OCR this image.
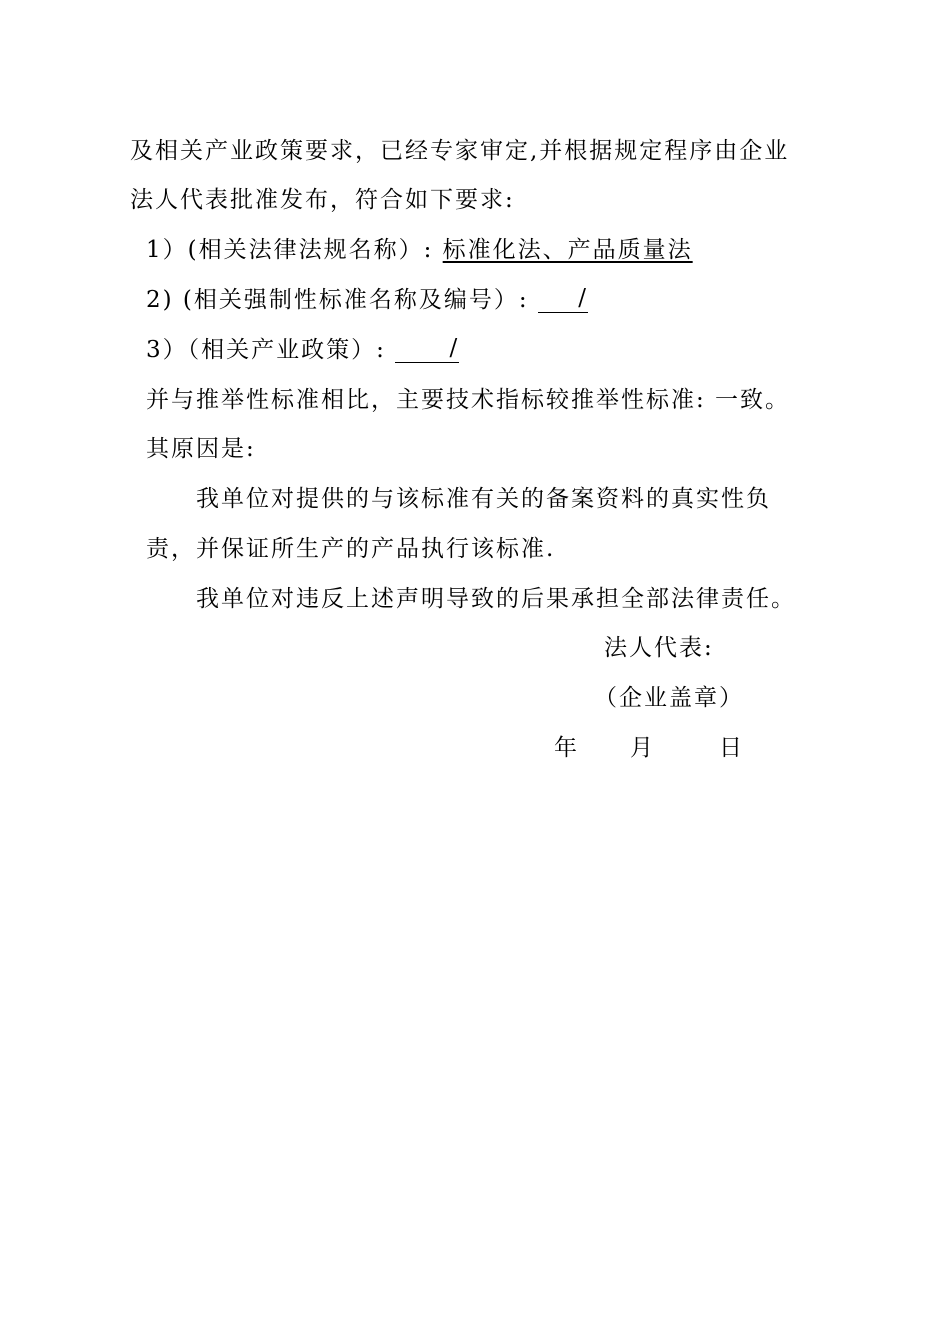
及相关产业政策要求，已经专家审定,并根据规定程序由企业
法人代表批准发布，符合如下要求:
1）(相关法律法规名称）: 标准化法、产品质量法
2) (相关强制性标准名称及编号）: /
3）（相关产业政策）: /
并与推举性标准相比，主要技术指标较推举性标准: 一致。
其原因是:
我单位对提供的与该标准有关的备案资料的真实性负
责，并保证所生产的产品执行该标准.
我单位对违反上述声明导致的后果承担全部法律责任。
法人代表:
（企业盖章）
年 月	日
